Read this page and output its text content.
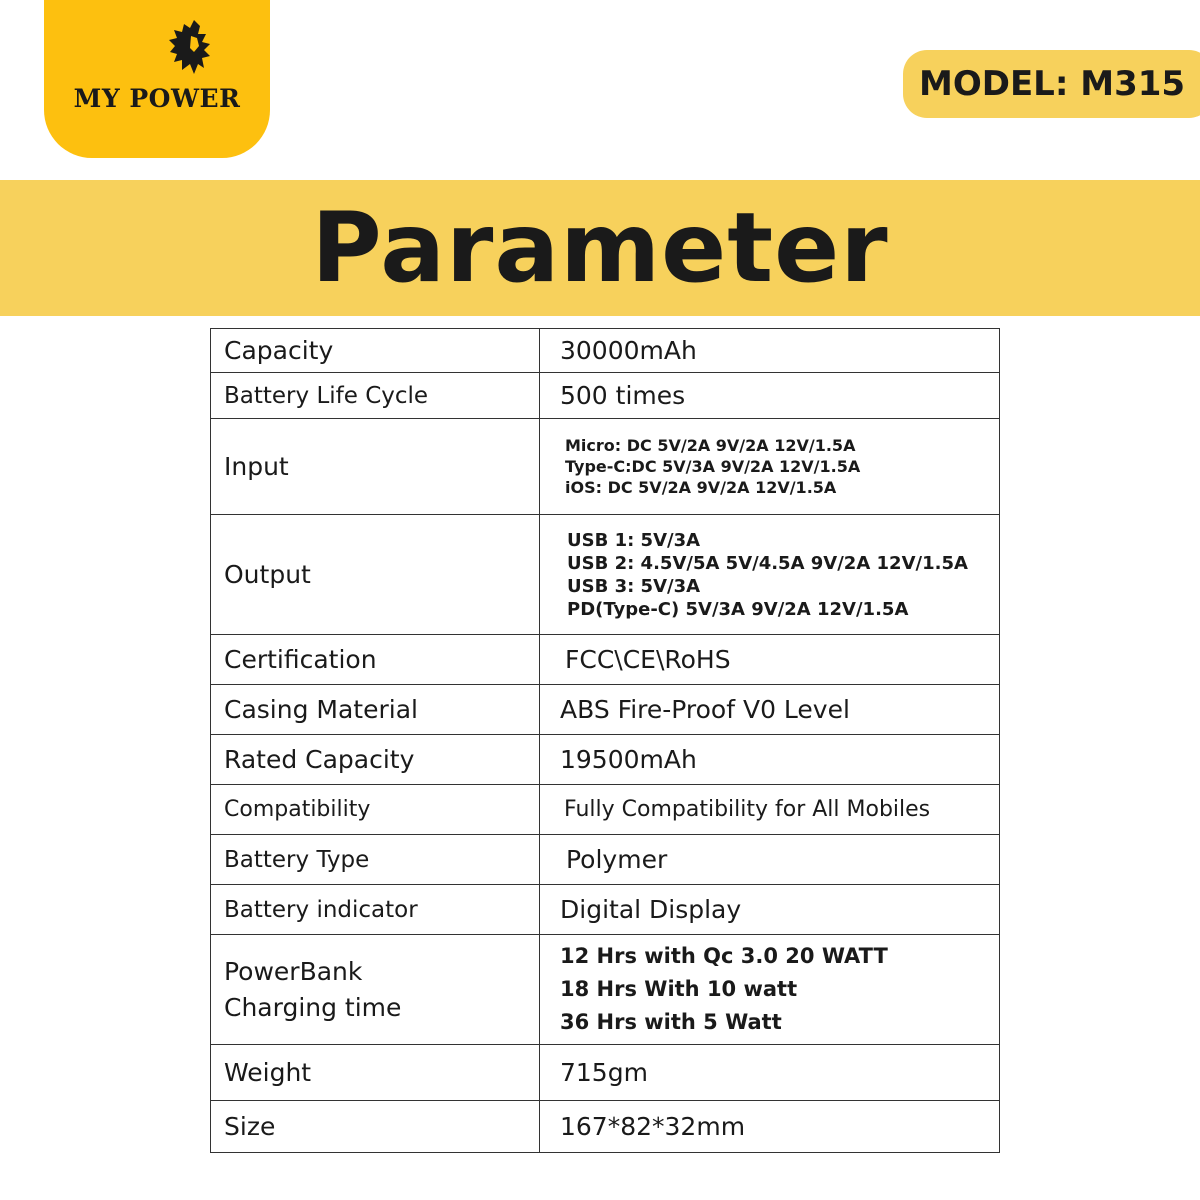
MY POWER	MODEL: M315
Parameter
Capacity	30000mAh
Battery Life Cycle	500 times
Input	Micro: DC 5V/2A 9V/2A 12V/1.5A
Type-C:DC 5V/3A 9V/2A 12V/1.5A
iOS: DC 5V/2A 9V/2A 12V/1.5A

Output	USB 1: 5V/3A
USB 2: 4.5V/5A 5V/4.5A 9V/2A 12V/1.5A
USB 3: 5V/3A
PD(Type-C) 5V/3A 9V/2A 12V/1.5A

Certification	FCC\CE\RoHS
Casing Material	ABS Fire-Proof V0 Level
Rated Capacity	19500mAh
Compatibility	Fully Compatibility for All Mobiles
Battery Type	Polymer
Battery indicator	Digital Display

PowerBank
Charging time	12 Hrs with Qc 3.0 20 WATT
18 Hrs With 10 watt
36 Hrs with 5 Watt

Weight	715gm
Size	167*82*32mm
